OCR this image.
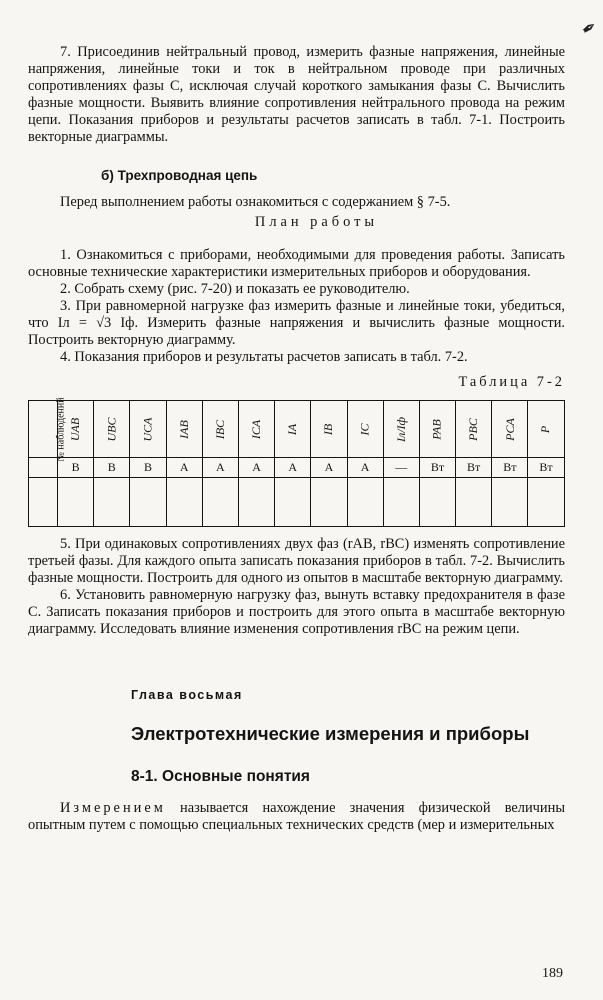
✒

7. Присоединив нейтральный провод, измерить фазные напряжения, линейные напряжения, линейные токи и ток в нейтральном проводе при различных сопротивлениях фазы С, исключая случай короткого замыкания фазы С. Вычислить фазные мощности. Выявить влияние сопротивления нейтрального провода на режим цепи. Показания приборов и результаты расчетов записать в табл. 7-1. Построить векторные диаграммы.

б) Трехпроводная цепь

Перед выполнением работы ознакомиться с содержанием § 7-5.

План работы

1. Ознакомиться с приборами, необходимыми для проведения работы. Записать основные технические характеристики измерительных приборов и оборудования.

2. Собрать схему (рис. 7-20) и показать ее руководителю.

3. При равномерной нагрузке фаз измерить фазные и линейные токи, убедиться, что Iл = √3 Iф. Измерить фазные напряжения и вычислить фазные мощности. Построить векторную диаграмму.

4. Показания приборов и результаты расчетов записать в табл. 7-2.

Таблица 7-2
№ наблюдений	UAB	UBC	UCA	IAB	IBC	ICA	IA	IB	IC	Iл/Iф	PAB	PBC	PCA	P
	В	В	В	А	А	А	А	А	А	—	Вт	Вт	Вт	Вт

5. При одинаковых сопротивлениях двух фаз (rAB, rBC) изменять сопротивление третьей фазы. Для каждого опыта записать показания приборов в табл. 7-2. Вычислить фазные мощности. Построить для одного из опытов в масштабе векторную диаграмму.

6. Установить равномерную нагрузку фаз, вынуть вставку предохранителя в фазе С. Записать показания приборов и построить для этого опыта в масштабе векторную диаграмму. Исследовать влияние изменения сопротивления rBC на режим цепи.

Глава восьмая
Электротехнические измерения и приборы
8-1. Основные понятия

Измерением называется нахождение значения физической величины опытным путем с помощью специальных технических средств (мер и измерительных

189
